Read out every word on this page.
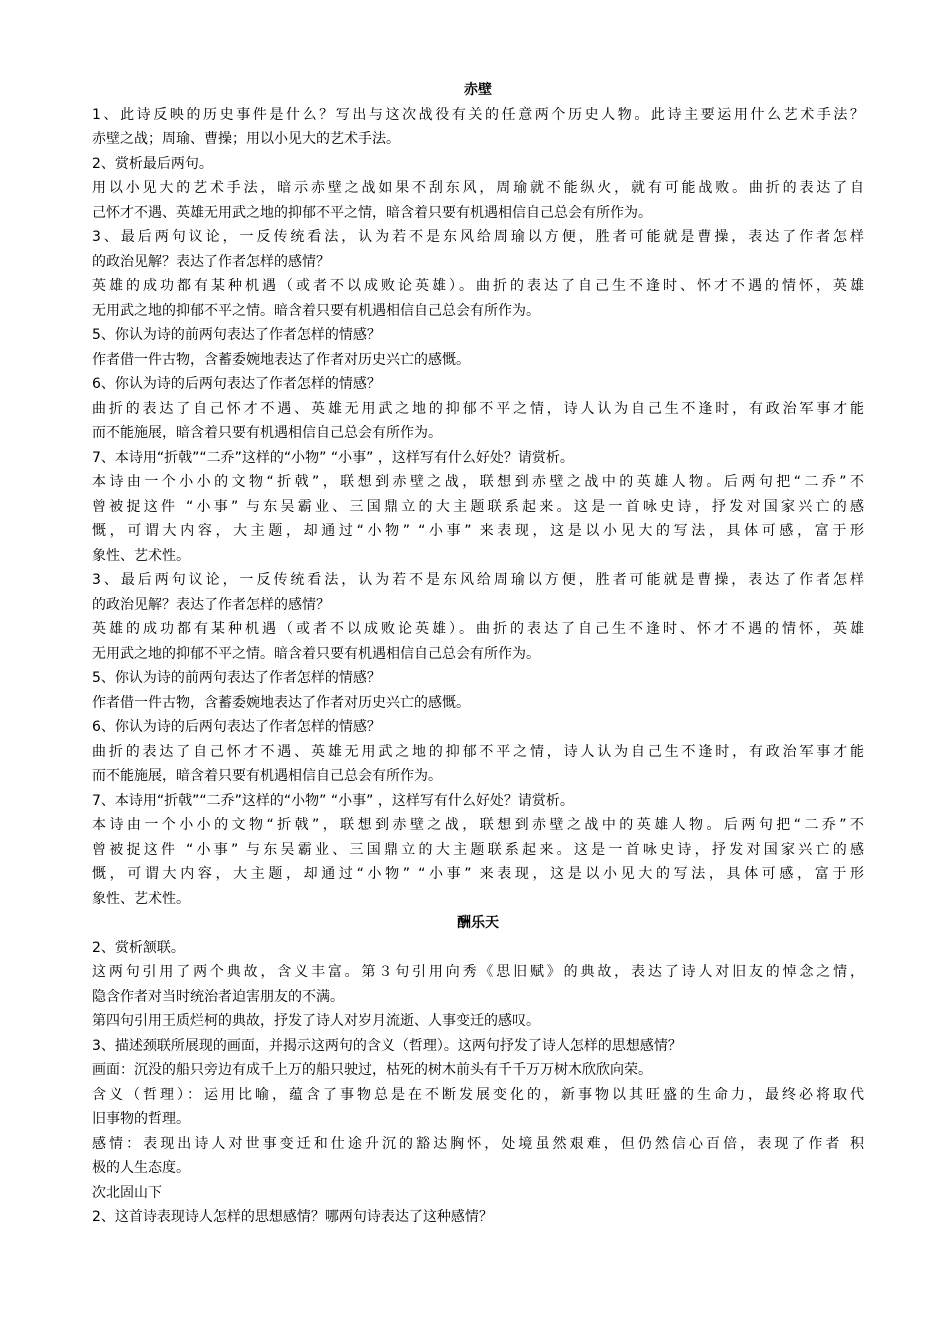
赤壁
1、此诗反映的历史事件是什么？写出与这次战役有关的任意两个历史人物。此诗主要运用什么艺术手法？
赤壁之战；周瑜、曹操；用以小见大的艺术手法。
2、赏析最后两句。
用以小见大的艺术手法，暗示赤壁之战如果不刮东风，周瑜就不能纵火，就有可能战败。曲折的表达了自
己怀才不遇、英雄无用武之地的抑郁不平之情，暗含着只要有机遇相信自己总会有所作为。
3、最后两句议论，一反传统看法，认为若不是东风给周瑜以方便，胜者可能就是曹操，表达了作者怎样
的政治见解？表达了作者怎样的感情？
英雄的成功都有某种机遇（或者不以成败论英雄）。曲折的表达了自己生不逢时、怀才不遇的情怀，英雄
无用武之地的抑郁不平之情。暗含着只要有机遇相信自己总会有所作为。
5、你认为诗的前两句表达了作者怎样的情感？
作者借一件古物，含蓄委婉地表达了作者对历史兴亡的感慨。
6、你认为诗的后两句表达了作者怎样的情感？
曲折的表达了自己怀才不遇、英雄无用武之地的抑郁不平之情，诗人认为自己生不逢时，有政治军事才能
而不能施展，暗含着只要有机遇相信自己总会有所作为。
7、本诗用“折戟”“二乔”这样的“小物” “小事” ，这样写有什么好处？请赏析。
本诗由一个小小的文物“折戟”，联想到赤壁之战，联想到赤壁之战中的英雄人物。后两句把“二乔”不
曾被捉这件 “小事” 与东吴霸业、三国鼎立的大主题联系起来。这是一首咏史诗，抒发对国家兴亡的感
慨，可谓大内容，大主题，却通过“小物” “小事” 来表现，这是以小见大的写法，具体可感，富于形
象性、艺术性。
3、最后两句议论，一反传统看法，认为若不是东风给周瑜以方便，胜者可能就是曹操，表达了作者怎样
的政治见解？表达了作者怎样的感情？
英雄的成功都有某种机遇（或者不以成败论英雄）。曲折的表达了自己生不逢时、怀才不遇的情怀，英雄
无用武之地的抑郁不平之情。暗含着只要有机遇相信自己总会有所作为。
5、你认为诗的前两句表达了作者怎样的情感？
作者借一件古物，含蓄委婉地表达了作者对历史兴亡的感慨。
6、你认为诗的后两句表达了作者怎样的情感？
曲折的表达了自己怀才不遇、英雄无用武之地的抑郁不平之情，诗人认为自己生不逢时，有政治军事才能
而不能施展，暗含着只要有机遇相信自己总会有所作为。
7、本诗用“折戟”“二乔”这样的“小物” “小事” ，这样写有什么好处？请赏析。
本诗由一个小小的文物“折戟”，联想到赤壁之战，联想到赤壁之战中的英雄人物。后两句把“二乔”不
曾被捉这件 “小事” 与东吴霸业、三国鼎立的大主题联系起来。这是一首咏史诗，抒发对国家兴亡的感
慨，可谓大内容，大主题，却通过“小物” “小事” 来表现，这是以小见大的写法，具体可感，富于形
象性、艺术性。
酬乐天
2、赏析颔联。
这两句引用了两个典故，含义丰富。第３句引用向秀《思旧赋》的典故，表达了诗人对旧友的悼念之情，
隐含作者对当时统治者迫害朋友的不满。
第四句引用王质烂柯的典故，抒发了诗人对岁月流逝、人事变迁的感叹。
3、描述颈联所展现的画面，并揭示这两句的含义（哲理）。这两句抒发了诗人怎样的思想感情？
画面：沉没的船只旁边有成千上万的船只驶过，枯死的树木前头有千千万万树木欣欣向荣。
含义（哲理）：运用比喻，蕴含了事物总是在不断发展变化的，新事物以其旺盛的生命力，最终必将取代
旧事物的哲理。
感情：表现出诗人对世事变迁和仕途升沉的豁达胸怀，处境虽然艰难，但仍然信心百倍，表现了作者 积
极的人生态度。
次北固山下
2、这首诗表现诗人怎样的思想感情？哪两句诗表达了这种感情？
